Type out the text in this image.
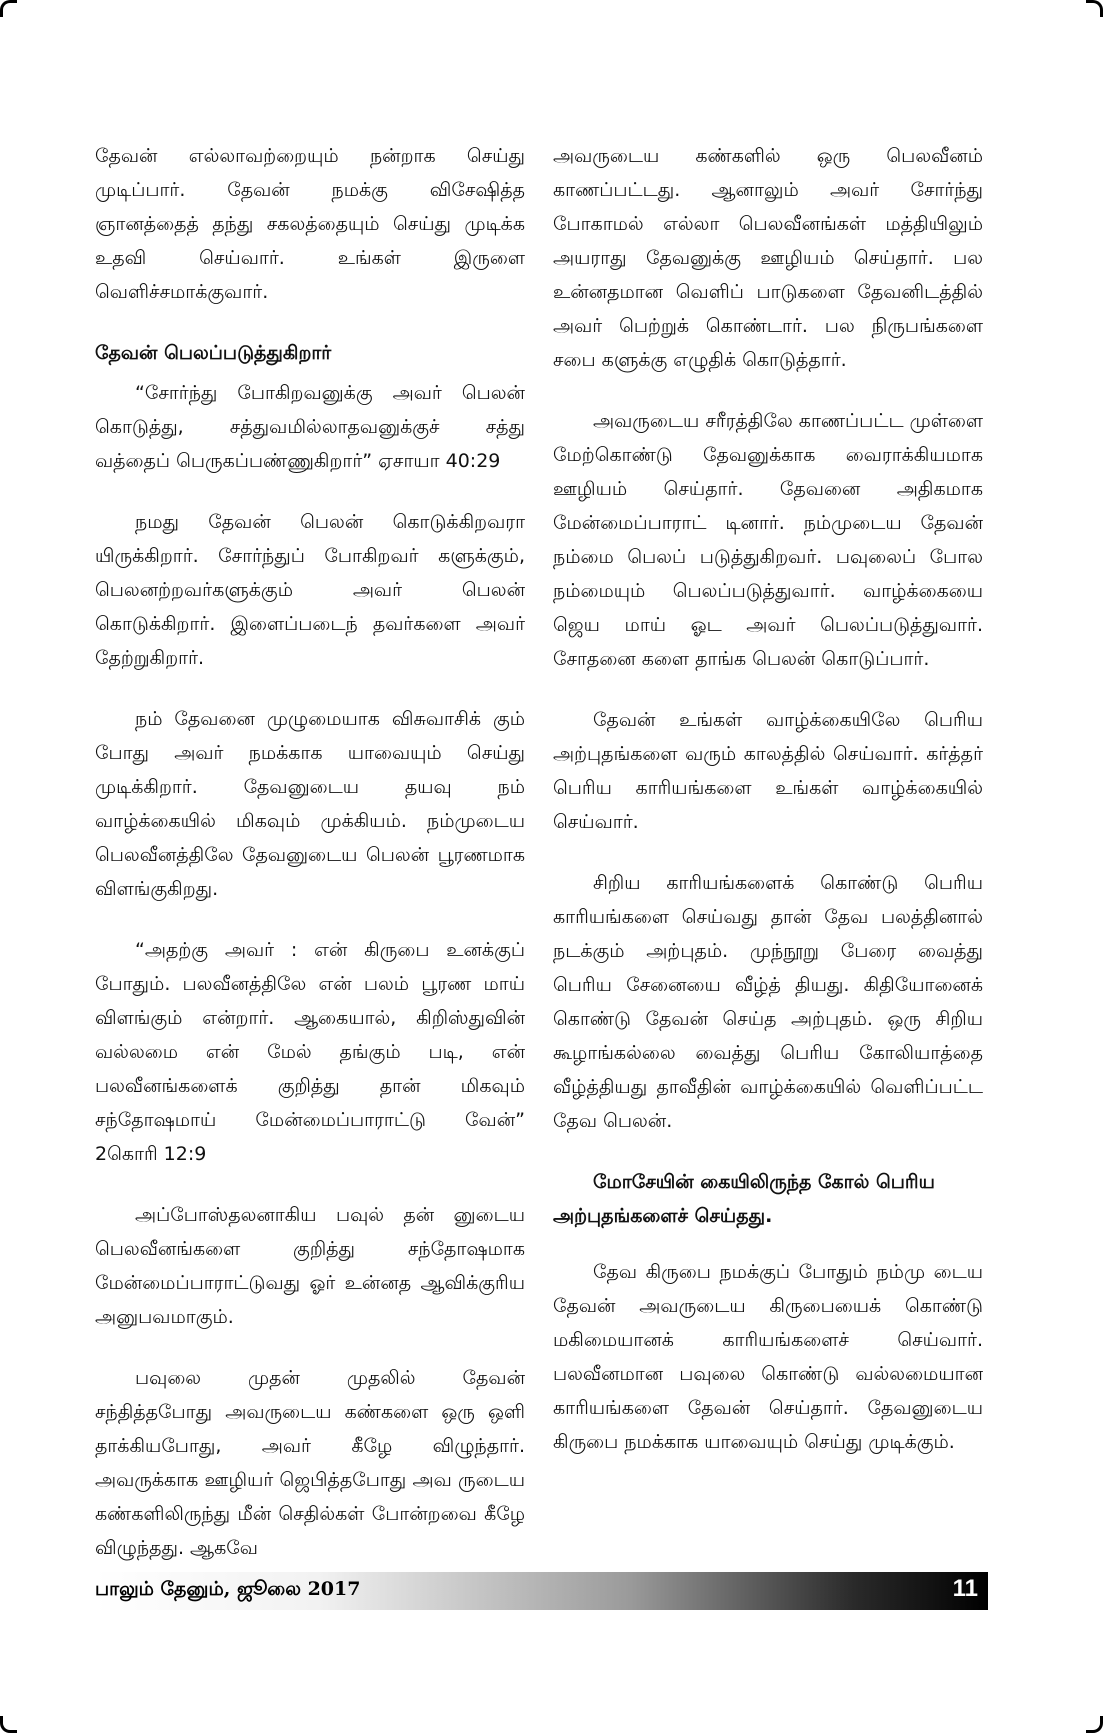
தேவன் எல்லாவற்றையும் நன்றாக செய்து முடிப்பார். தேவன் நமக்கு விசேஷித்த ஞானத்தைத் தந்து சகலத்தையும் செய்து முடிக்க உதவி செய்வார். உங்கள் இருளை வெளிச்சமாக்குவார்.

தேவன் பெலப்படுத்துகிறார்

“சோர்ந்து போகிறவனுக்கு அவர் பெலன் கொடுத்து, சத்துவமில்லாதவனுக்குச் சத்து வத்தைப் பெருகப்பண்ணுகிறார்” ஏசாயா 40:29

நமது தேவன் பெலன் கொடுக்கிறவரா யிருக்கிறார். சோர்ந்துப் போகிறவர் களுக்கும், பெலனற்றவர்களுக்கும் அவர் பெலன் கொடுக்கிறார். இளைப்படைந் தவர்களை அவர் தேற்றுகிறார்.

நம் தேவனை முழுமையாக விசுவாசிக் கும் போது அவர் நமக்காக யாவையும் செய்து முடிக்கிறார். தேவனுடைய தயவு நம் வாழ்க்கையில் மிகவும் முக்கியம். நம்முடைய பெலவீனத்திலே தேவனுடைய பெலன் பூரணமாக விளங்குகிறது.

“அதற்கு அவர் : என் கிருபை உனக்குப் போதும். பலவீனத்திலே என் பலம் பூரண மாய் விளங்கும் என்றார். ஆகையால், கிறிஸ்துவின் வல்லமை என் மேல் தங்கும் படி, என் பலவீனங்களைக் குறித்து தான் மிகவும் சந்தோஷமாய் மேன்மைப்பாராட்டு வேன்” 2கொரி 12:9

அப்போஸ்தலனாகிய பவுல் தன் னுடைய பெலவீனங்களை குறித்து சந்தோஷமாக மேன்மைப்பாராட்டுவது ஓர் உன்னத ஆவிக்குரிய அனுபவமாகும்.

பவுலை முதன் முதலில் தேவன் சந்தித்தபோது அவருடைய கண்களை ஒரு ஒளி தாக்கியபோது, அவர் கீழே விழுந்தார். அவருக்காக ஊழியர் ஜெபித்தபோது அவ ருடைய கண்களிலிருந்து மீன் செதில்கள் போன்றவை கீழே விழுந்தது. ஆகவே

அவருடைய கண்களில் ஒரு பெலவீனம் காணப்பட்டது. ஆனாலும் அவர் சோர்ந்து போகாமல் எல்லா பெலவீனங்கள் மத்தியிலும் அயராது தேவனுக்கு ஊழியம் செய்தார். பல உன்னதமான வெளிப் பாடுகளை தேவனிடத்தில் அவர் பெற்றுக் கொண்டார். பல நிருபங்களை சபை களுக்கு எழுதிக் கொடுத்தார்.

அவருடைய சரீரத்திலே காணப்பட்ட முள்ளை மேற்கொண்டு தேவனுக்காக வைராக்கியமாக ஊழியம் செய்தார். தேவனை அதிகமாக மேன்மைப்பாராட் டினார். நம்முடைய தேவன் நம்மை பெலப் படுத்துகிறவர். பவுலைப் போல நம்மையும் பெலப்படுத்துவார். வாழ்க்கையை ஜெய மாய் ஓட அவர் பெலப்படுத்துவார். சோதனை களை தாங்க பெலன் கொடுப்பார்.

தேவன் உங்கள் வாழ்க்கையிலே பெரிய அற்புதங்களை வரும் காலத்தில் செய்வார். கர்த்தர் பெரிய காரியங்களை உங்கள் வாழ்க்கையில் செய்வார்.

சிறிய காரியங்களைக் கொண்டு பெரிய காரியங்களை செய்வது தான் தேவ பலத்தினால் நடக்கும் அற்புதம். முந்நூறு பேரை வைத்து பெரிய சேனையை வீழ்த் தியது. கிதியோனைக் கொண்டு தேவன் செய்த அற்புதம். ஒரு சிறிய கூழாங்கல்லை வைத்து பெரிய கோலியாத்தை வீழ்த்தியது தாவீதின் வாழ்க்கையில் வெளிப்பட்ட தேவ பெலன்.

மோசேயின் கையிலிருந்த கோல் பெரிய அற்புதங்களைச் செய்தது.

தேவ கிருபை நமக்குப் போதும் நம்மு டைய தேவன் அவருடைய கிருபையைக் கொண்டு மகிமையானக் காரியங்களைச் செய்வார். பலவீனமான பவுலை கொண்டு வல்லமையான காரியங்களை தேவன் செய்தார். தேவனுடைய கிருபை நமக்காக யாவையும் செய்து முடிக்கும்.

பாலும் தேனும், ஜூலை 2017	11
